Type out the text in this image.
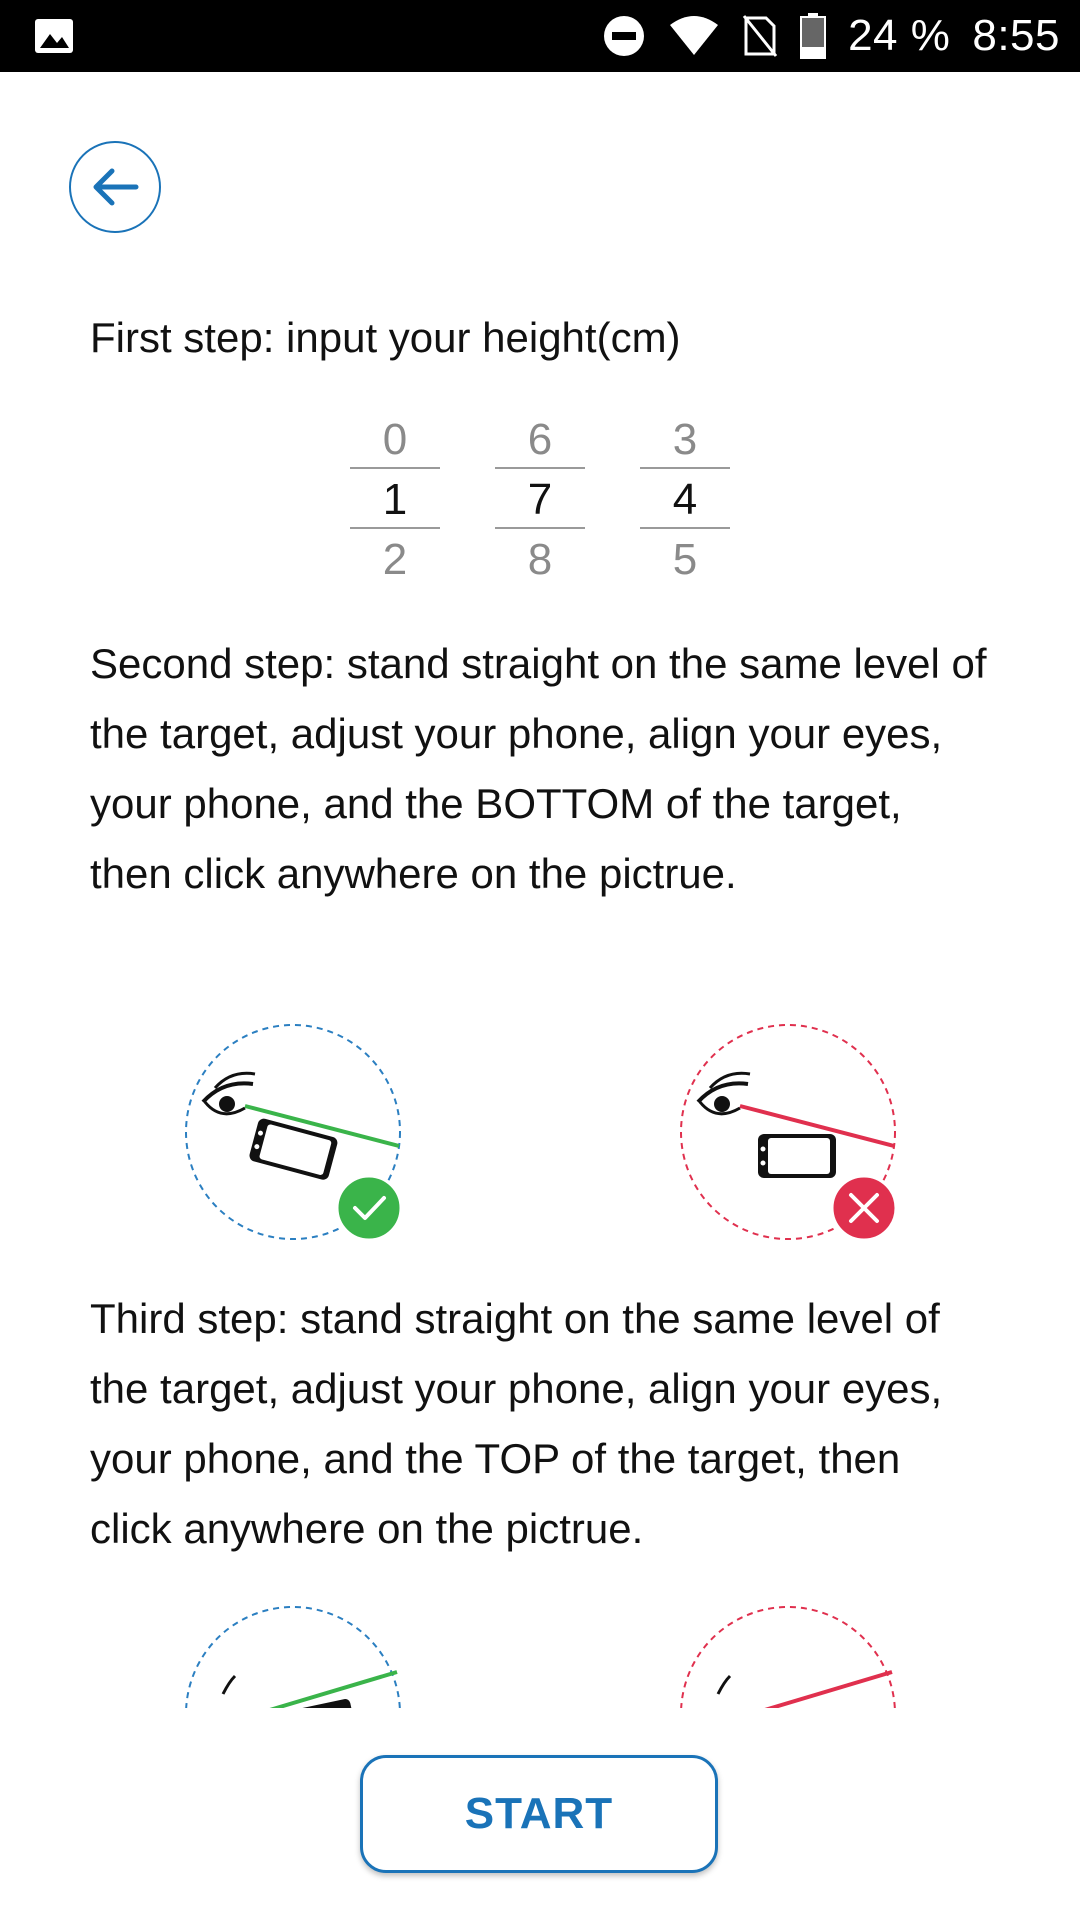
24 % 8:55
First step: input your height(cm)
0
1
2
6
7
8
3
4
5
Second step: stand straight on the same level of the target, adjust your phone, align your eyes, your phone, and the BOTTOM of the target, then click anywhere on the pictrue.
Third step: stand straight on the same level of the target, adjust your phone, align your eyes, your phone, and the TOP of the target, then click anywhere on the pictrue.
START
